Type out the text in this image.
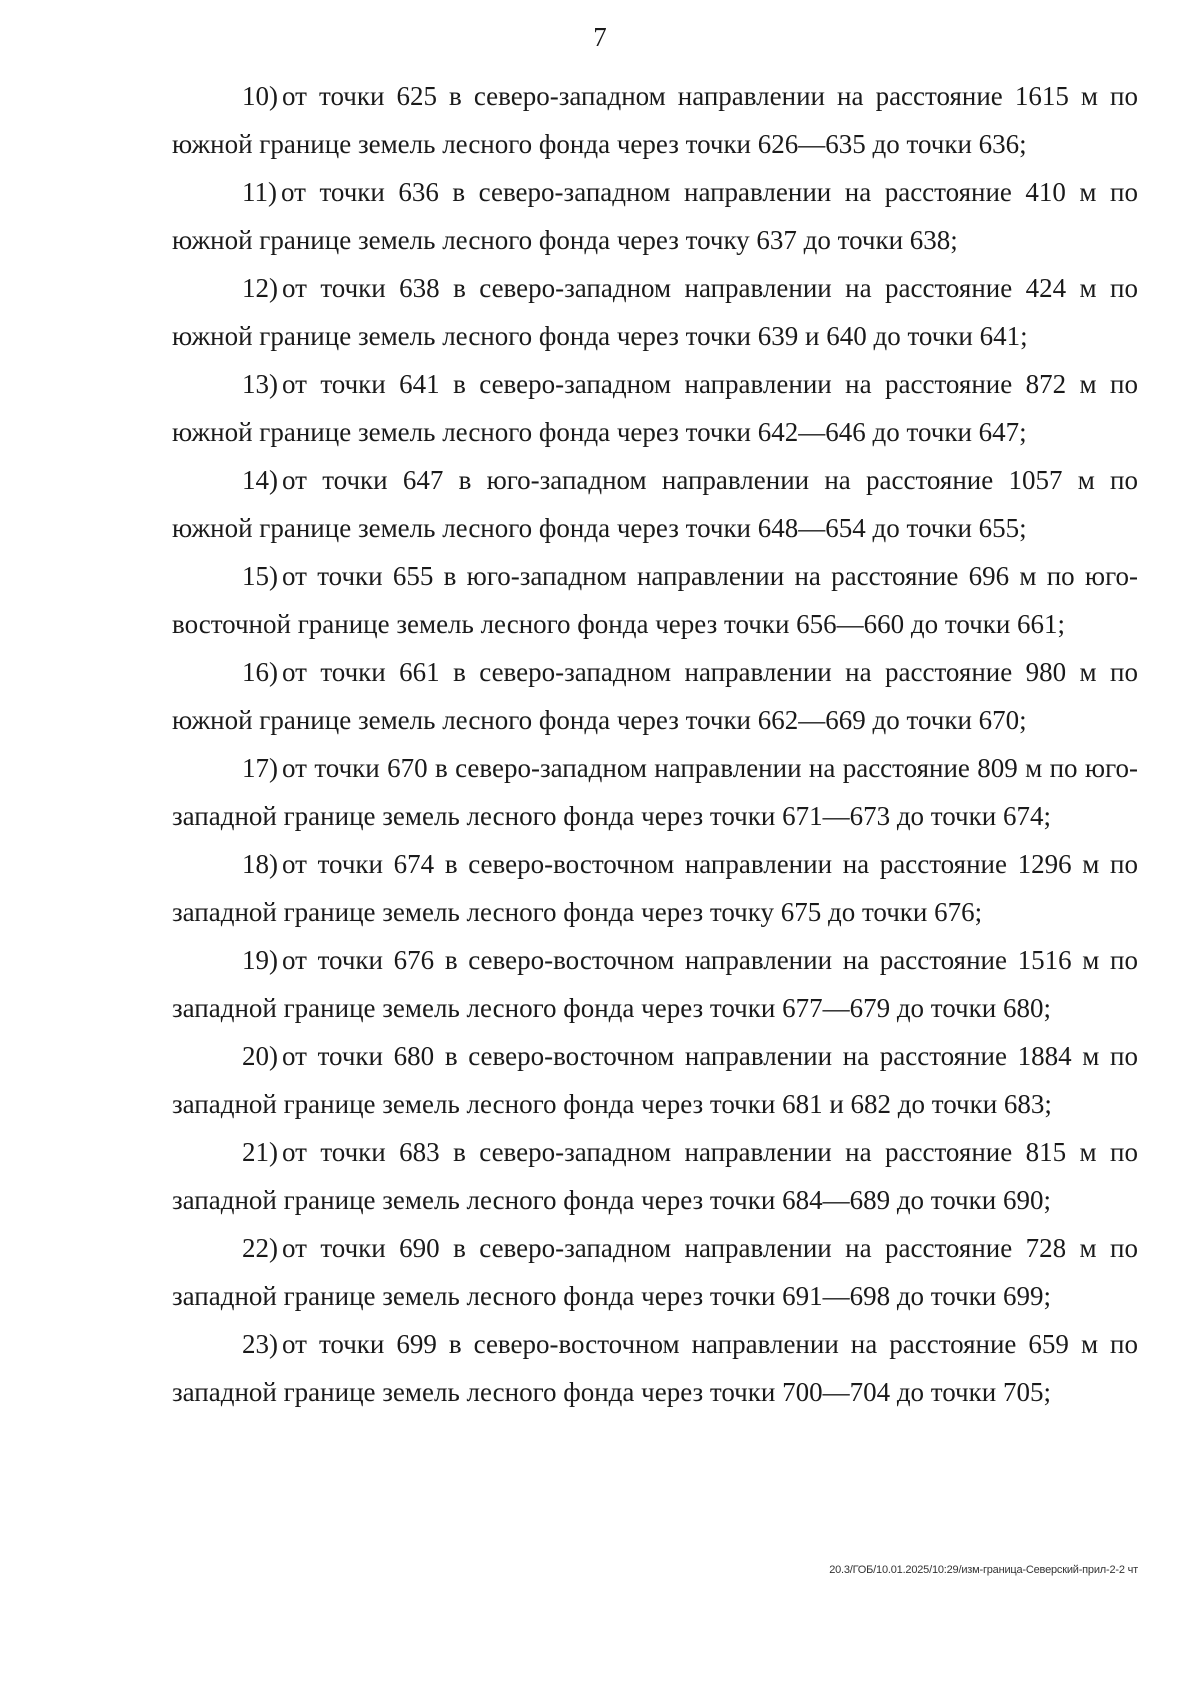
7

10) от точки 625 в северо-западном направлении на расстояние 1615 м по южной границе земель лесного фонда через точки 626—635 до точки 636;

11) от точки 636 в северо-западном направлении на расстояние 410 м по южной границе земель лесного фонда через точку 637 до точки 638;

12) от точки 638 в северо-западном направлении на расстояние 424 м по южной границе земель лесного фонда через точки 639 и 640 до точки 641;

13) от точки 641 в северо-западном направлении на расстояние 872 м по южной границе земель лесного фонда через точки 642—646 до точки 647;

14) от точки 647 в юго-западном направлении на расстояние 1057 м по южной границе земель лесного фонда через точки 648—654 до точки 655;

15) от точки 655 в юго-западном направлении на расстояние 696 м по юго-восточной границе земель лесного фонда через точки 656—660 до точки 661;

16) от точки 661 в северо-западном направлении на расстояние 980 м по южной границе земель лесного фонда через точки 662—669 до точки 670;

17) от точки 670 в северо-западном направлении на расстояние 809 м по юго-западной границе земель лесного фонда через точки 671—673 до точки 674;

18) от точки 674 в северо-восточном направлении на расстояние 1296 м по западной границе земель лесного фонда через точку 675 до точки 676;

19) от точки 676 в северо-восточном направлении на расстояние 1516 м по западной границе земель лесного фонда через точки 677—679 до точки 680;

20) от точки 680 в северо-восточном направлении на расстояние 1884 м по западной границе земель лесного фонда через точки 681 и 682 до точки 683;

21) от точки 683 в северо-западном направлении на расстояние 815 м по западной границе земель лесного фонда через точки 684—689 до точки 690;

22) от точки 690 в северо-западном направлении на расстояние 728 м по западной границе земель лесного фонда через точки 691—698 до точки 699;

23) от точки 699 в северо-восточном направлении на расстояние 659 м по западной границе земель лесного фонда через точки 700—704 до точки 705;

20.3/ГОБ/10.01.2025/10:29/изм-граница-Северский-прил-2-2 чт
